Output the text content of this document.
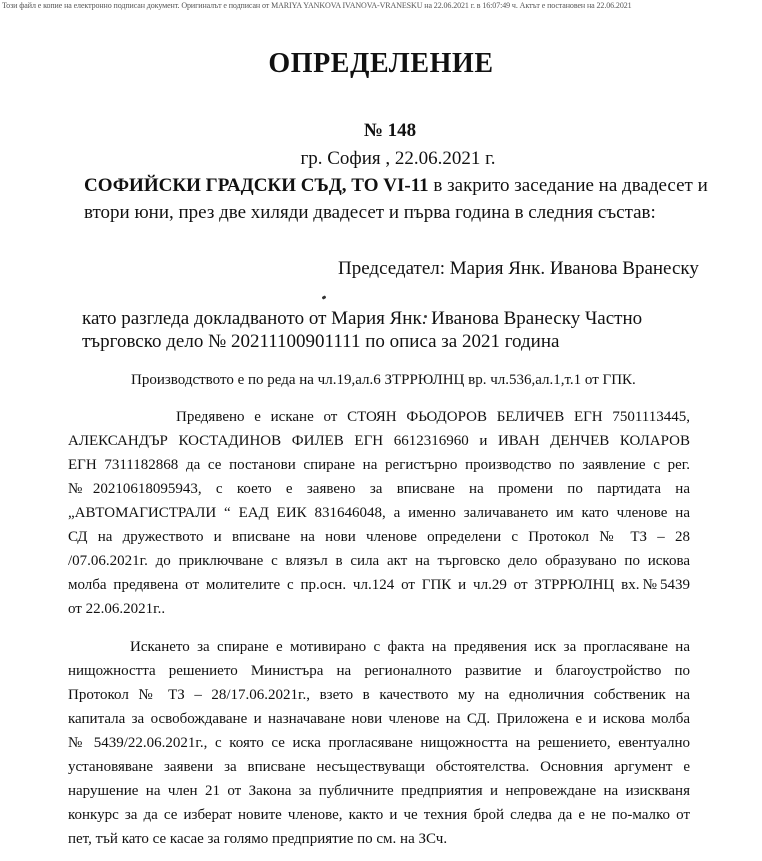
Този файл е копие на електронно подписан документ. Оригиналът е подписан от MARIYA YANKOVA IVANOVA-VRANESKU на 22.06.2021 г. в 16:07:49 ч. Актът е постановен на 22.06.2021
ОПРЕДЕЛЕНИЕ
№ 148
гр. София , 22.06.2021 г.
СОФИЙСКИ ГРАДСКИ СЪД, ТО VI-11 в закрито заседание на двадесет и
втори юни, през две хиляди двадесет и първа година в следния състав:
Председател: Мария Янк. Иванова Вранеску
като разгледа докладваното от Мария Янк. Иванова Вранеску Частно
търговско дело № 20211100901111 по описа за 2021 година
Производството е по реда на чл.19,ал.6 ЗТРРЮЛНЦ вр. чл.536,ал.1,т.1 от ГПК.
Предявено е искане от СТОЯН ФЬОДОРОВ БЕЛИЧЕВ ЕГН 7501113445,
АЛЕКСАНДЪР КОСТАДИНОВ ФИЛЕВ ЕГН 6612316960 и ИВАН ДЕНЧЕВ КОЛАРОВ
ЕГН 7311182868 да се постанови спиране на регистърно производство по заявление с рег.
№20210618095943, с което е заявено за вписване на промени по партидата на
„АВТОМАГИСТРАЛИ “ ЕАД ЕИК 831646048, а именно заличаването им като членове на
СД на дружеството и вписване на нови членове определени с Протокол № ТЗ – 28
/07.06.2021г. до приключване с влязъл в сила акт на търговско дело образувано по искова
молба предявена от молителите с пр.осн. чл.124 от ГПК и чл.29 от ЗТРРЮЛНЦ вх.№5439
от 22.06.2021г..
Искането за спиране е мотивирано с факта на предявения иск за прогласяване на
нищожността решението Министъра на регионалното развитие и благоустройство по
Протокол № ТЗ – 28/17.06.2021г., взето в качеството му на едноличния собственик на
капитала за освобождаване и назначаване нови членове на СД. Приложена е и искова молба
№ 5439/22.06.2021г., с която се иска прогласяване нищожността на решението, евентуално
установяване заявени за вписване несъществуващи обстоятелства. Основния аргумент е
нарушение на член 21 от Закона за публичните предприятия и непровеждане на изискваня
конкурс за да се изберат новите членове, както и че техния брой следва да е не по-малко от
пет, тъй като се касае за голямо предприятие по см. на ЗСч.
